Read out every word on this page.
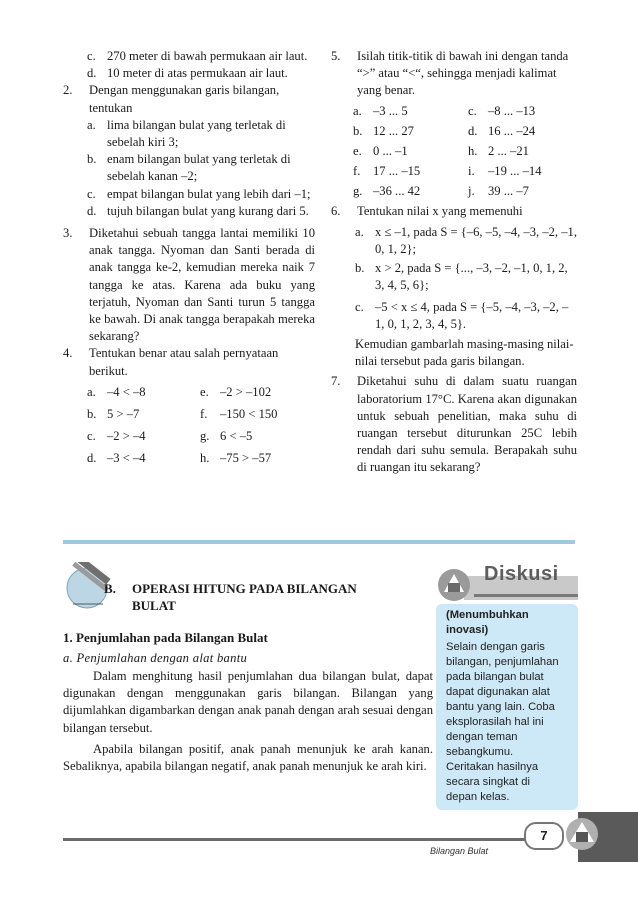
c. 270 meter di bawah permukaan air laut.
d. 10 meter di atas permukaan air laut.
2. Dengan menggunakan garis bilangan, tentukan
a. lima bilangan bulat yang terletak di sebelah kiri 3;
b. enam bilangan bulat yang terletak di sebelah kanan –2;
c. empat bilangan bulat yang lebih dari –1;
d. tujuh bilangan bulat yang kurang dari 5.
3. Diketahui sebuah tangga lantai memiliki 10 anak tangga. Nyoman dan Santi berada di anak tangga ke-2, kemudian mereka naik 7 tangga ke atas. Karena ada buku yang terjatuh, Nyoman dan Santi turun 5 tangga ke bawah. Di anak tangga berapakah mereka sekarang?
4. Tentukan benar atau salah pernyataan berikut.
a. –4 < –8	e. –2 > –102
b. 5 > –7	f. –150 < 150
c. –2 > –4	g. 6 < –5
d. –3 < –4	h. –75 > –57
5. Isilah titik-titik di bawah ini dengan tanda “>” atau “<“, sehingga menjadi kalimat yang benar.
a. –3 ... 5	c. –8 ... –13
b. 12 ... 27	d. 16 ... –24
e. 0 ... –1	h. 2 ... –21
f. 17 ... –15	i. –19 ... –14
g. –36 ... 42	j. 39 ... –7
6. Tentukan nilai x yang memenuhi
a. x ≤ –1, pada S = {–6, –5, –4, –3, –2, –1, 0, 1, 2};
b. x > 2, pada S = {..., –3, –2, –1, 0, 1, 2, 3, 4, 5, 6};
c. –5 < x ≤ 4, pada S = {–5, –4, –3, –2, –1, 0, 1, 2, 3, 4, 5}.
Kemudian gambarlah masing-masing nilai-nilai tersebut pada garis bilangan.
7. Diketahui suhu di dalam suatu ruangan laboratorium 17°C. Karena akan digunakan untuk sebuah penelitian, maka suhu di ruangan tersebut diturunkan 25C lebih rendah dari suhu semula. Berapakah suhu di ruangan itu sekarang?
B. OPERASI HITUNG PADA BILANGAN
BULAT
1. Penjumlahan pada Bilangan Bulat
a. Penjumlahan dengan alat bantu
Dalam menghitung hasil penjumlahan dua bilangan bulat, dapat digunakan dengan menggunakan garis bilangan. Bilangan yang dijumlahkan digambarkan dengan anak panah dengan arah sesuai dengan bilangan tersebut.
Apabila bilangan positif, anak panah menunjuk ke arah kanan. Sebaliknya, apabila bilangan negatif, anak panah menunjuk ke arah kiri.
Diskusi
(Menumbuhkan inovasi)
Selain dengan garis bilangan, penjumlahan pada bilangan bulat dapat digunakan alat bantu yang lain. Coba eksplorasilah hal ini dengan teman sebangkumu. Ceritakan hasilnya secara singkat di depan kelas.
Bilangan Bulat
7
